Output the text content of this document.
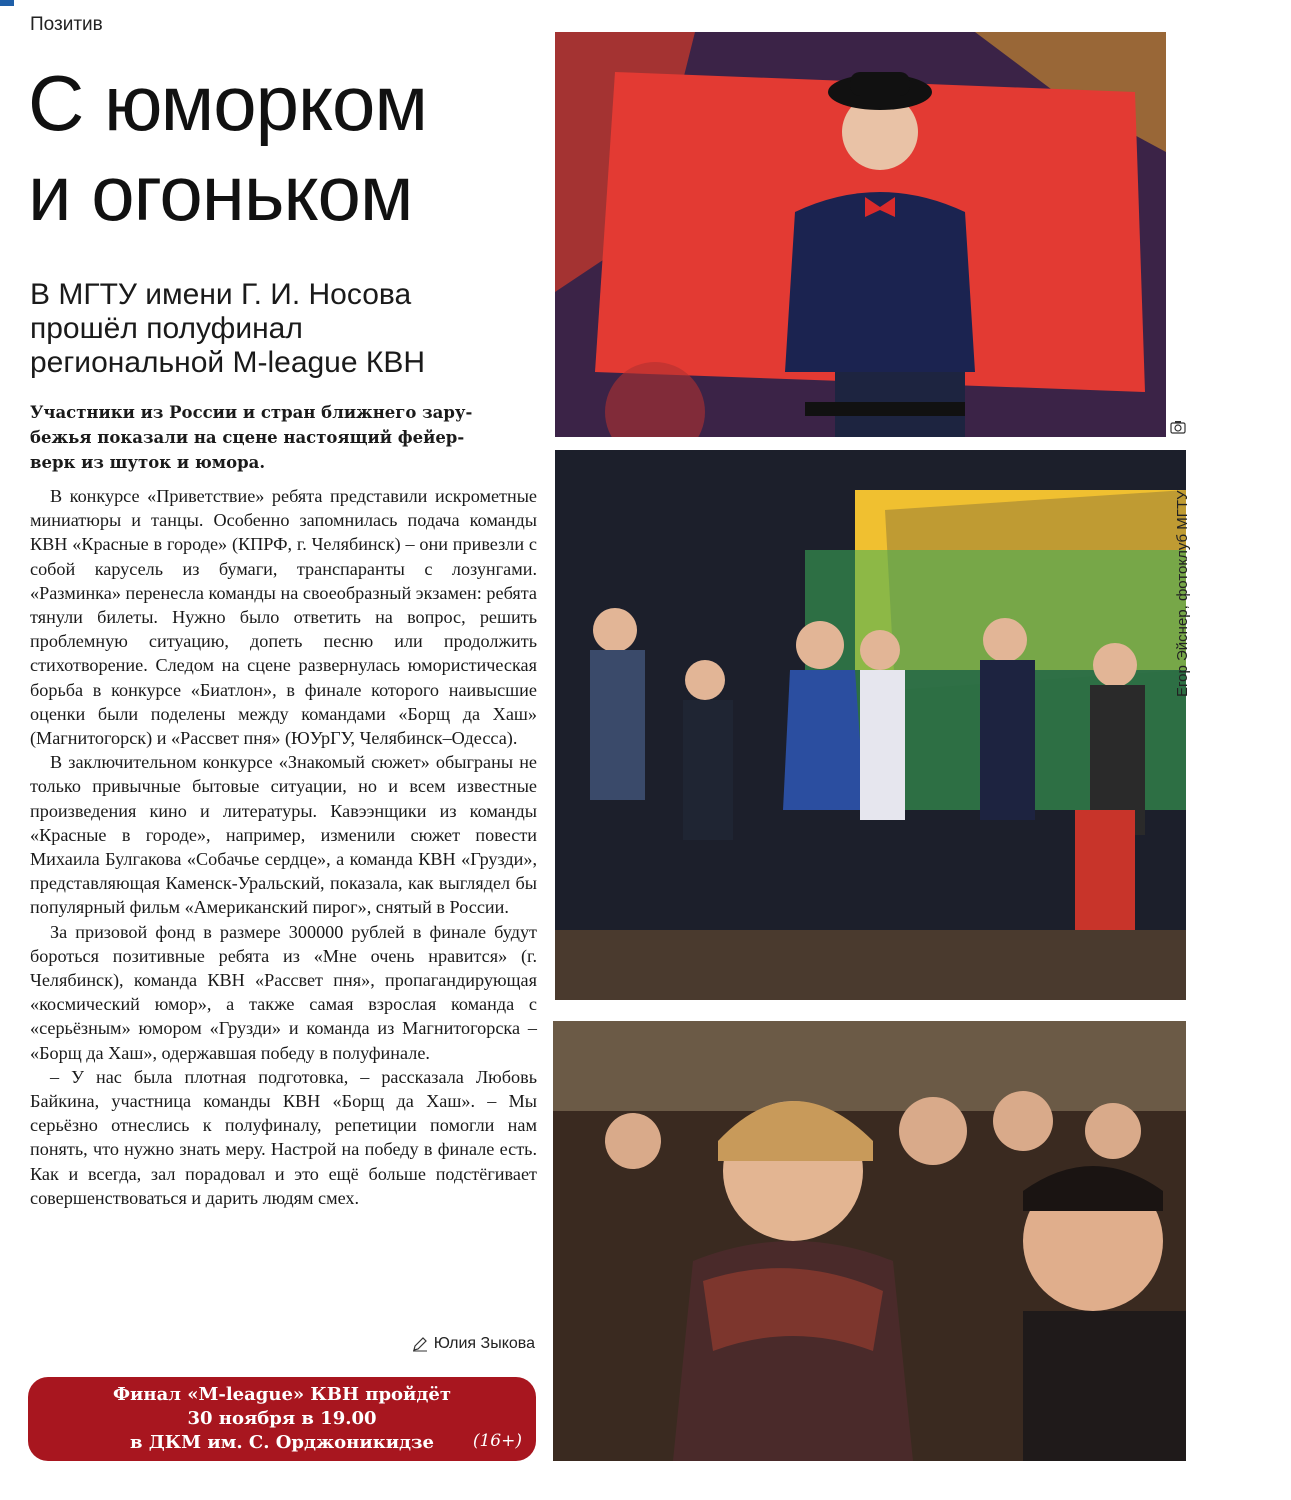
Позитив
С юморком
и огоньком
В МГТУ имени Г. И. Носова
прошёл полуфинал
региональной M-league КВН

Участники из России и стран ближнего зару-
бежья показали на сцене настоящий фейер-
верк из шуток и юмора.

В конкурсе «Приветствие» ребята представили искрометные миниатюры и танцы. Особенно запомнилась подача команды КВН «Красные в городе» (КПРФ, г. Челябинск) – они привезли с собой карусель из бумаги, транспаранты с лозунгами. «Разминка» перенесла команды на своеобразный экзамен: ребята тянули билеты. Нужно было ответить на вопрос, решить проблемную ситуацию, допеть песню или продолжить стихотворение. Следом на сцене развернулась юмористическая борьба в конкурсе «Биатлон», в финале которого наивысшие оценки были поделены между командами «Борщ да Хаш» (Магнитогорск) и «Рассвет пня» (ЮУрГУ, Челябинск–Одесса).

В заключительном конкурсе «Знакомый сюжет» обыграны не только привычные бытовые ситуации, но и всем известные произведения кино и литературы. Кавээнщики из команды «Красные в городе», например, изменили сюжет повести Михаила Булгакова «Собачье сердце», а команда КВН «Грузди», представляющая Каменск-Уральский, показала, как выглядел бы популярный фильм «Американский пирог», снятый в России.

За призовой фонд в размере 300000 рублей в финале будут бороться позитивные ребята из «Мне очень нравится» (г. Челябинск), команда КВН «Рассвет пня», пропагандирующая «космический юмор», а также самая взрослая команда с «серьёзным» юмором «Грузди» и команда из Магнитогорска – «Борщ да Хаш», одержавшая победу в полуфинале.

– У нас была плотная подготовка, – рассказала Любовь Байкина, участница команды КВН «Борщ да Хаш». – Мы серьёзно отнеслись к полуфиналу, репетиции помогли нам понять, что нужно знать меру. Настрой на победу в финале есть. Как и всегда, зал порадовал и это ещё больше подстёгивает совершенствоваться и дарить людям смех.

Юлия Зыкова
Финал «M-league» КВН пройдёт
30 ноября в 19.00
в ДКМ им. С. Орджоникидзе	(16+)
Егор Эйснер, фотоклуб МГТУ
